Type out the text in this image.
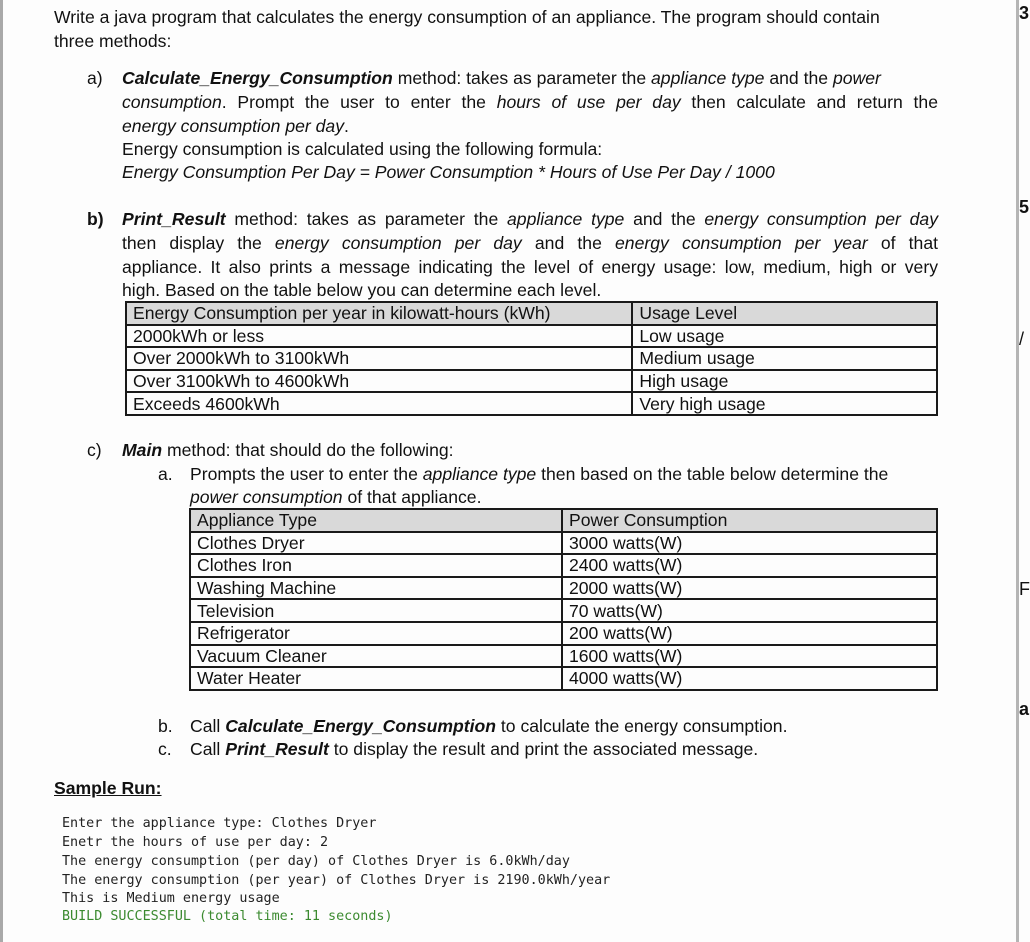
Write a java program that calculates the energy consumption of an appliance. The program should contain
three methods:
a) Calculate_Energy_Consumption method: takes as parameter the appliance type and the power
consumption. Prompt the user to enter the hours of use per day then calculate and return the
energy consumption per day.
Energy consumption is calculated using the following formula:
Energy Consumption Per Day = Power Consumption * Hours of Use Per Day / 1000
b) Print_Result method: takes as parameter the appliance type and the energy consumption per day
then display the energy consumption per day and the energy consumption per year of that
appliance. It also prints a message indicating the level of energy usage: low, medium, high or very
high. Based on the table below you can determine each level.
Energy Consumption per year in kilowatt-hours (kWh)	Usage Level
2000kWh or less	Low usage
Over 2000kWh to 3100kWh	Medium usage
Over 3100kWh to 4600kWh	High usage
Exceeds 4600kWh	Very high usage
c) Main method: that should do the following:
a. Prompts the user to enter the appliance type then based on the table below determine the
power consumption of that appliance.
Appliance Type	Power Consumption
Clothes Dryer	3000 watts(W)
Clothes Iron	2400 watts(W)
Washing Machine	2000 watts(W)
Television	70 watts(W)
Refrigerator	200 watts(W)
Vacuum Cleaner	1600 watts(W)
Water Heater	4000 watts(W)
b. Call Calculate_Energy_Consumption to calculate the energy consumption.
c. Call Print_Result to display the result and print the associated message.
Sample Run:
Enter the appliance type: Clothes Dryer
Enetr the hours of use per day: 2
The energy consumption (per day) of Clothes Dryer is 6.0kWh/day
The energy consumption (per year) of Clothes Dryer is 2190.0kWh/year
This is Medium energy usage
BUILD SUCCESSFUL (total time: 11 seconds)
3
5
/
F
a
